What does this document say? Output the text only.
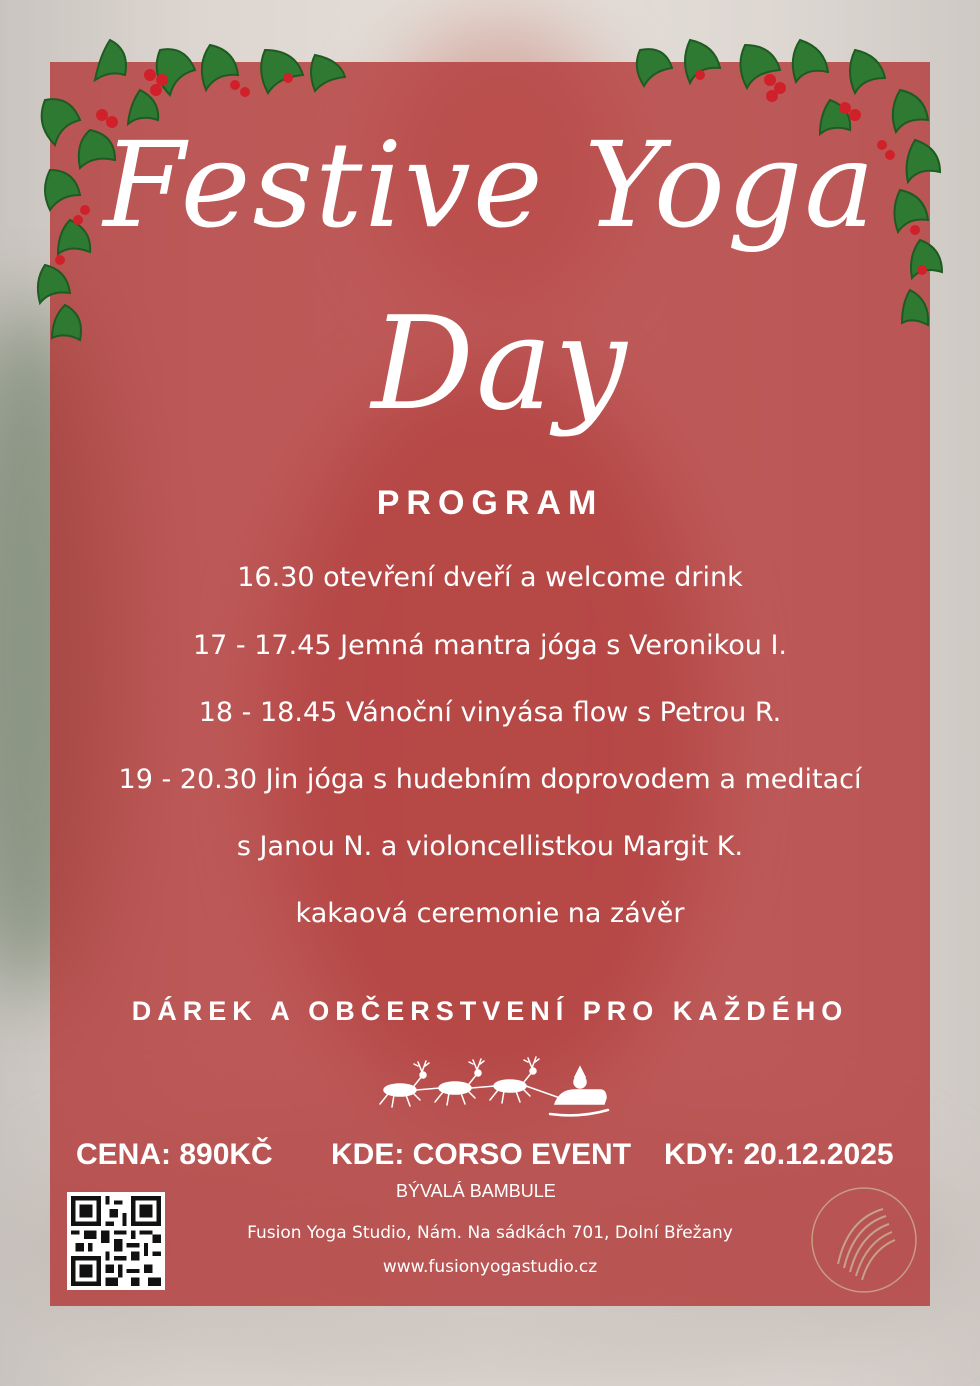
Festive Yoga
Day
PROGRAM
16.30 otevření dveří a welcome drink
17 - 17.45 Jemná mantra jóga s Veronikou I.
18 - 18.45 Vánoční vinyása flow s Petrou R.
19 - 20.30 Jin jóga s hudebním doprovodem a meditací
s Janou N. a violoncellistkou Margit K.
kakaová ceremonie na závěr
DÁREK A OBČERSTVENÍ PRO KAŽDÉHO
CENA: 890KČ KDE: CORSO EVENT KDY: 20.12.2025
BÝVALÁ BAMBULE
Fusion Yoga Studio, Nám. Na sádkách 701, Dolní Břežany
www.fusionyogastudio.cz
